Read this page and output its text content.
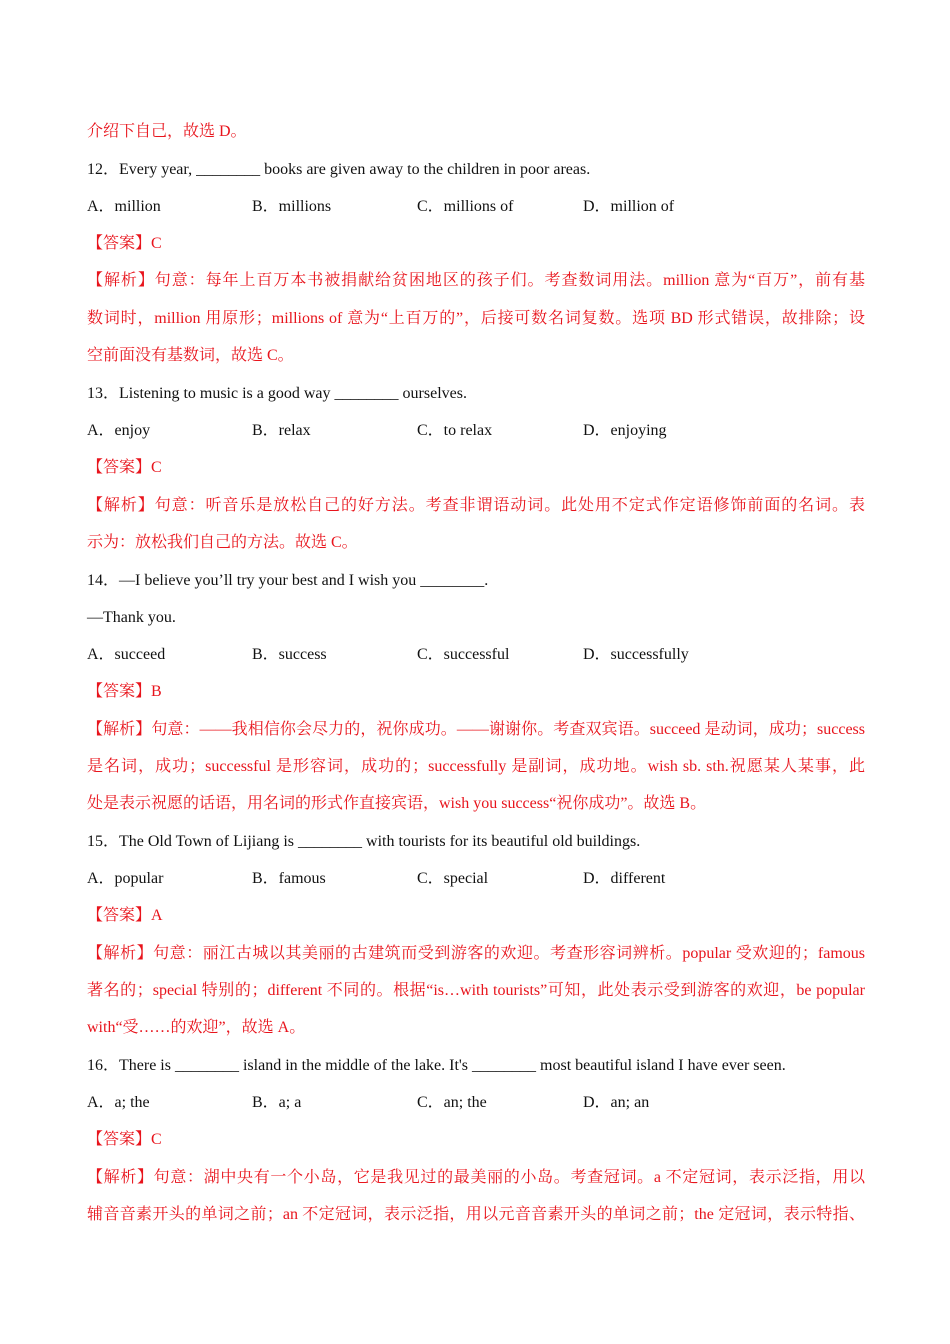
介绍下自己，故选 D。
12．Every year, ________ books are given away to the children in poor areas.
A．million	B．millions	C．millions of	D．million of
【答案】C
【解析】句意：每年上百万本书被捐献给贫困地区的孩子们。考查数词用法。million 意为“百万”，前有基
数词时，million 用原形；millions of 意为“上百万的”，后接可数名词复数。选项 BD 形式错误，故排除；设
空前面没有基数词，故选 C。
13．Listening to music is a good way ________ ourselves.
A．enjoy	B．relax	C．to relax	D．enjoying
【答案】C
【解析】句意：听音乐是放松自己的好方法。考查非谓语动词。此处用不定式作定语修饰前面的名词。表
示为：放松我们自己的方法。故选 C。
14．—I believe you’ll try your best and I wish you ________.
—Thank you.
A．succeed	B．success	C．successful	D．successfully
【答案】B
【解析】句意：——我相信你会尽力的，祝你成功。——谢谢你。考查双宾语。succeed 是动词，成功；success
是名词，成功；successful 是形容词，成功的；successfully 是副词，成功地。wish sb. sth.祝愿某人某事，此
处是表示祝愿的话语，用名词的形式作直接宾语，wish you success“祝你成功”。故选 B。
15．The Old Town of Lijiang is ________ with tourists for its beautiful old buildings.
A．popular	B．famous	C．special	D．different
【答案】A
【解析】句意：丽江古城以其美丽的古建筑而受到游客的欢迎。考查形容词辨析。popular 受欢迎的；famous
著名的；special 特别的；different 不同的。根据“is…with tourists”可知，此处表示受到游客的欢迎，be popular
with“受……的欢迎”，故选 A。
16．There is ________ island in the middle of the lake. It's ________ most beautiful island I have ever seen.
A．a; the	B．a; a	C．an; the	D．an; an
【答案】C
【解析】句意：湖中央有一个小岛，它是我见过的最美丽的小岛。考查冠词。a 不定冠词，表示泛指，用以
辅音音素开头的单词之前；an 不定冠词，表示泛指，用以元音音素开头的单词之前；the 定冠词，表示特指、
